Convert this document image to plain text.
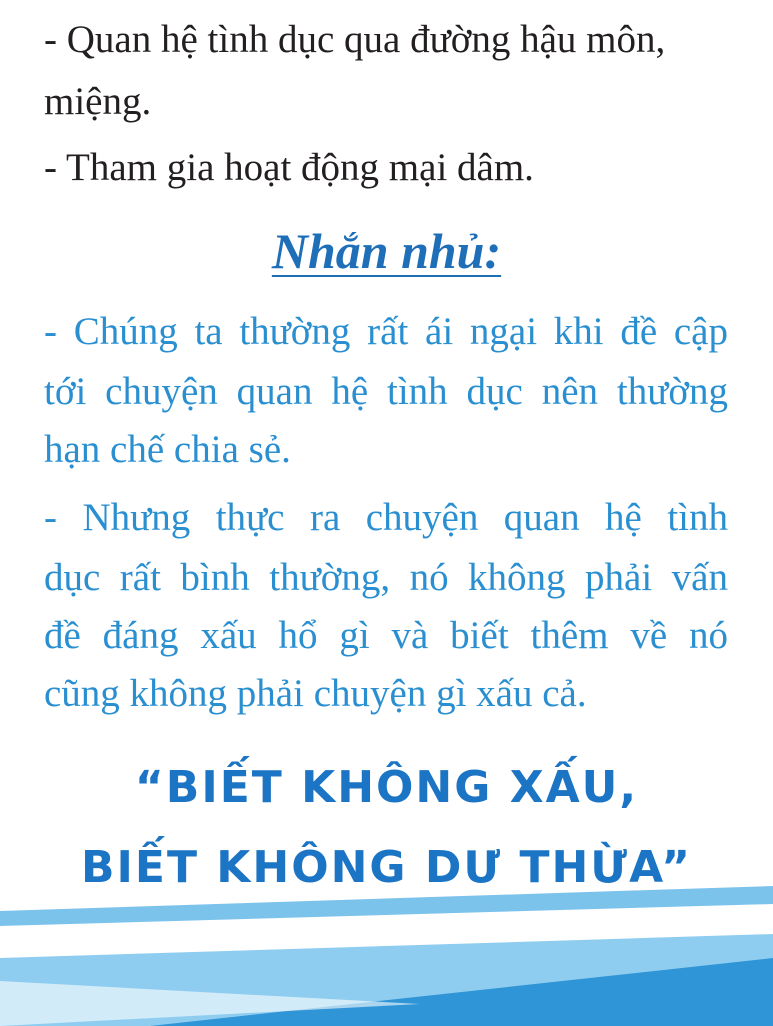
- Quan hệ tình dục qua đường hậu môn,

miệng.

- Tham gia hoạt động mại dâm.

Nhắn nhủ:

- Chúng ta thường rất ái ngại khi đề cập

tới chuyện quan hệ tình dục nên thường

hạn chế chia sẻ.

- Nhưng thực ra chuyện quan hệ tình

dục rất bình thường, nó không phải vấn

đề đáng xấu hổ gì và biết thêm về nó

cũng không phải chuyện gì xấu cả.

“BIẾT KHÔNG XẤU,

BIẾT KHÔNG DƯ THỪA”
